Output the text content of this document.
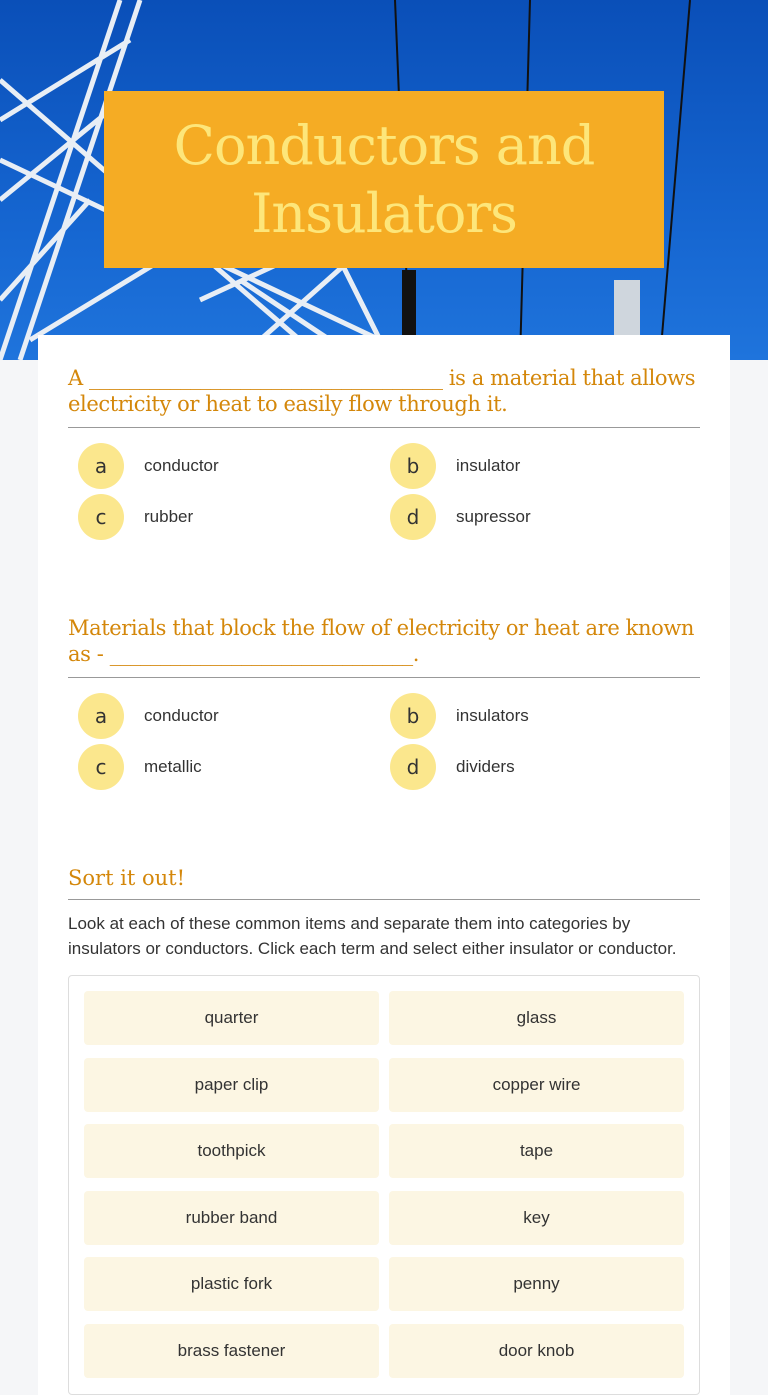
Conductors and Insulators
A ___________________________________ is a material that allows electricity or heat to easily flow through it.
a	conductor	b	insulator
c	rubber	d	supressor
Materials that block the flow of electricity or heat are known as - ______________________________.
a	conductor	b	insulators
c	metallic	d	dividers
Sort it out!

Look at each of these common items and separate them into categories by insulators or conductors. Click each term and select either insulator or conductor.

quarter	glass
paper clip	copper wire
toothpick	tape
rubber band	key
plastic fork	penny
brass fastener	door knob
